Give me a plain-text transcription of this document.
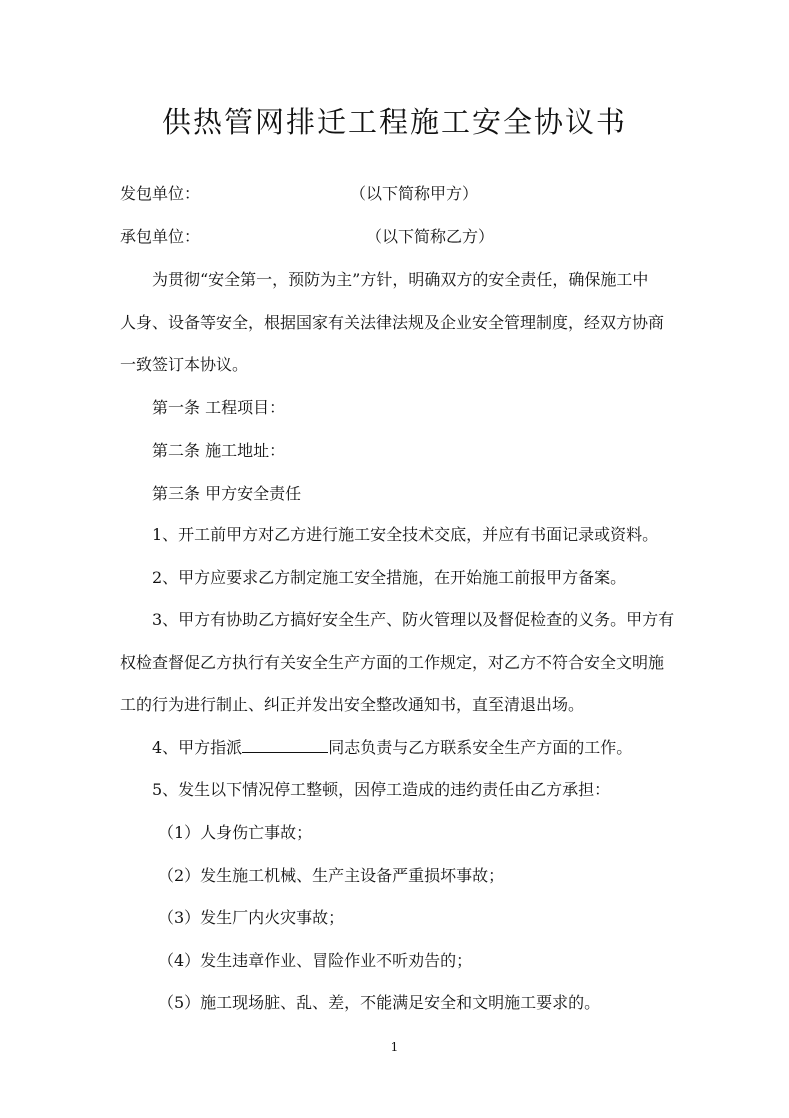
供热管网排迁工程施工安全协议书
发包单位：	（以下简称甲方）
承包单位：	（以下简称乙方）
为贯彻“安全第一，预防为主”方针，明确双方的安全责任，确保施工中
人身、设备等安全，根据国家有关法律法规及企业安全管理制度，经双方协商
一致签订本协议。
第一条 工程项目：
第二条 施工地址：
第三条 甲方安全责任
1、开工前甲方对乙方进行施工安全技术交底，并应有书面记录或资料。
2、甲方应要求乙方制定施工安全措施，在开始施工前报甲方备案。
3、甲方有协助乙方搞好安全生产、防火管理以及督促检查的义务。甲方有
权检查督促乙方执行有关安全生产方面的工作规定，对乙方不符合安全文明施
工的行为进行制止、纠正并发出安全整改通知书，直至清退出场。
4、甲方指派	同志负责与乙方联系安全生产方面的工作。
5、发生以下情况停工整顿，因停工造成的违约责任由乙方承担：
（1）人身伤亡事故；
（2）发生施工机械、生产主设备严重损坏事故；
（3）发生厂内火灾事故；
（4）发生违章作业、冒险作业不听劝告的；
（5）施工现场脏、乱、差，不能满足安全和文明施工要求的。
1
